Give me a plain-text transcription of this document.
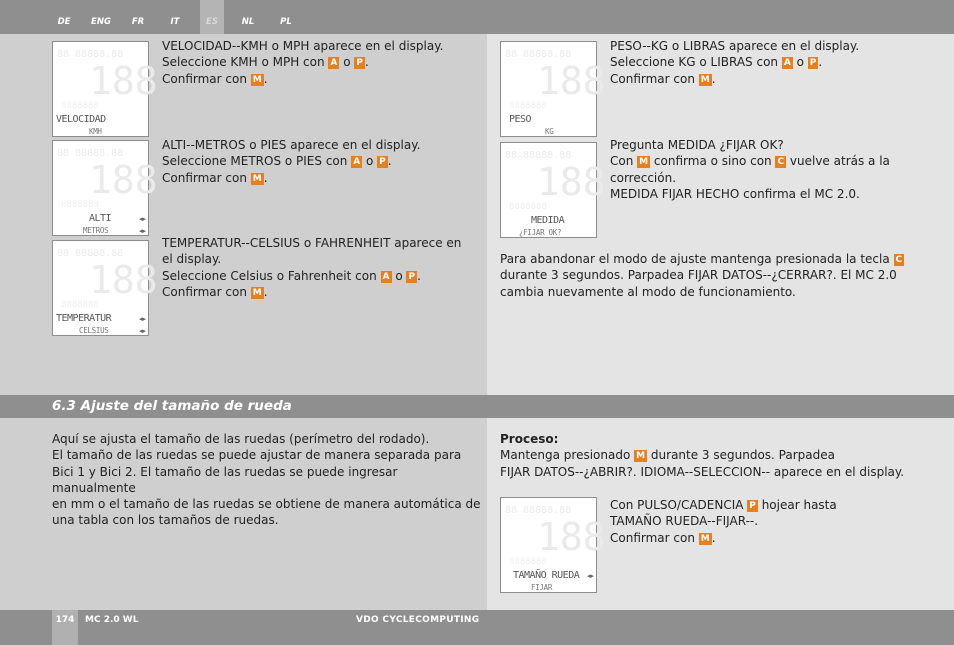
DE	ENG	FR	IT	ES	NL	PL
88 88888.88
188
8888888
VELOCIDAD
KMH
88 88888.88
188
8888888
ALTI
METROS
◂▸
◂▸
88 88888.88
188
8888888
TEMPERATUR
CELSIUS
◂▸
◂▸
88 88888.88
188
8888888
PESO
KG
88 88888.88
188
8888888
MEDIDA
¿FIJAR OK?
88 88888.88
188
8888888
TAMAÑO RUEDA
FIJAR
◂▸
VELOCIDAD--KMH o MPH aparece en el display.
Seleccione KMH o MPH con A o P .
Confirmar con M .
ALTI--METROS o PIES aparece en el display.
Seleccione METROS o PIES con A o P .
Confirmar con M .
TEMPERATUR--CELSIUS o FAHRENHEIT aparece en
el display.
Seleccione Celsius o Fahrenheit con A o P .
Confirmar con M .
PESO--KG o LIBRAS aparece en el display.
Seleccione KG o LIBRAS con A o P .
Confirmar con M .
Pregunta MEDIDA ¿FIJAR OK?
Con M confirma o sino con C vuelve atrás a la
corrección.
MEDIDA FIJAR HECHO confirma el MC 2.0.
Para abandonar el modo de ajuste mantenga presionada la tecla C
durante 3 segundos. Parpadea FIJAR DATOS--¿CERRAR?. El MC 2.0
cambia nuevamente al modo de funcionamiento.
6.3 Ajuste del tamaño de rueda
Aquí se ajusta el tamaño de las ruedas (perímetro del rodado).
El tamaño de las ruedas se puede ajustar de manera separada para
Bici 1 y Bici 2. El tamaño de las ruedas se puede ingresar manualmente
en mm o el tamaño de las ruedas se obtiene de manera automática de
una tabla con los tamaños de ruedas.
Proceso:
Mantenga presionado M durante 3 segundos. Parpadea
FIJAR DATOS--¿ABRIR?. IDIOMA--SELECCION-- aparece en el display.
Con PULSO/CADENCIA P hojear hasta
TAMAÑO RUEDA--FIJAR--.
Confirmar con M .
174	MC 2.0 WL	VDO CYCLECOMPUTING
